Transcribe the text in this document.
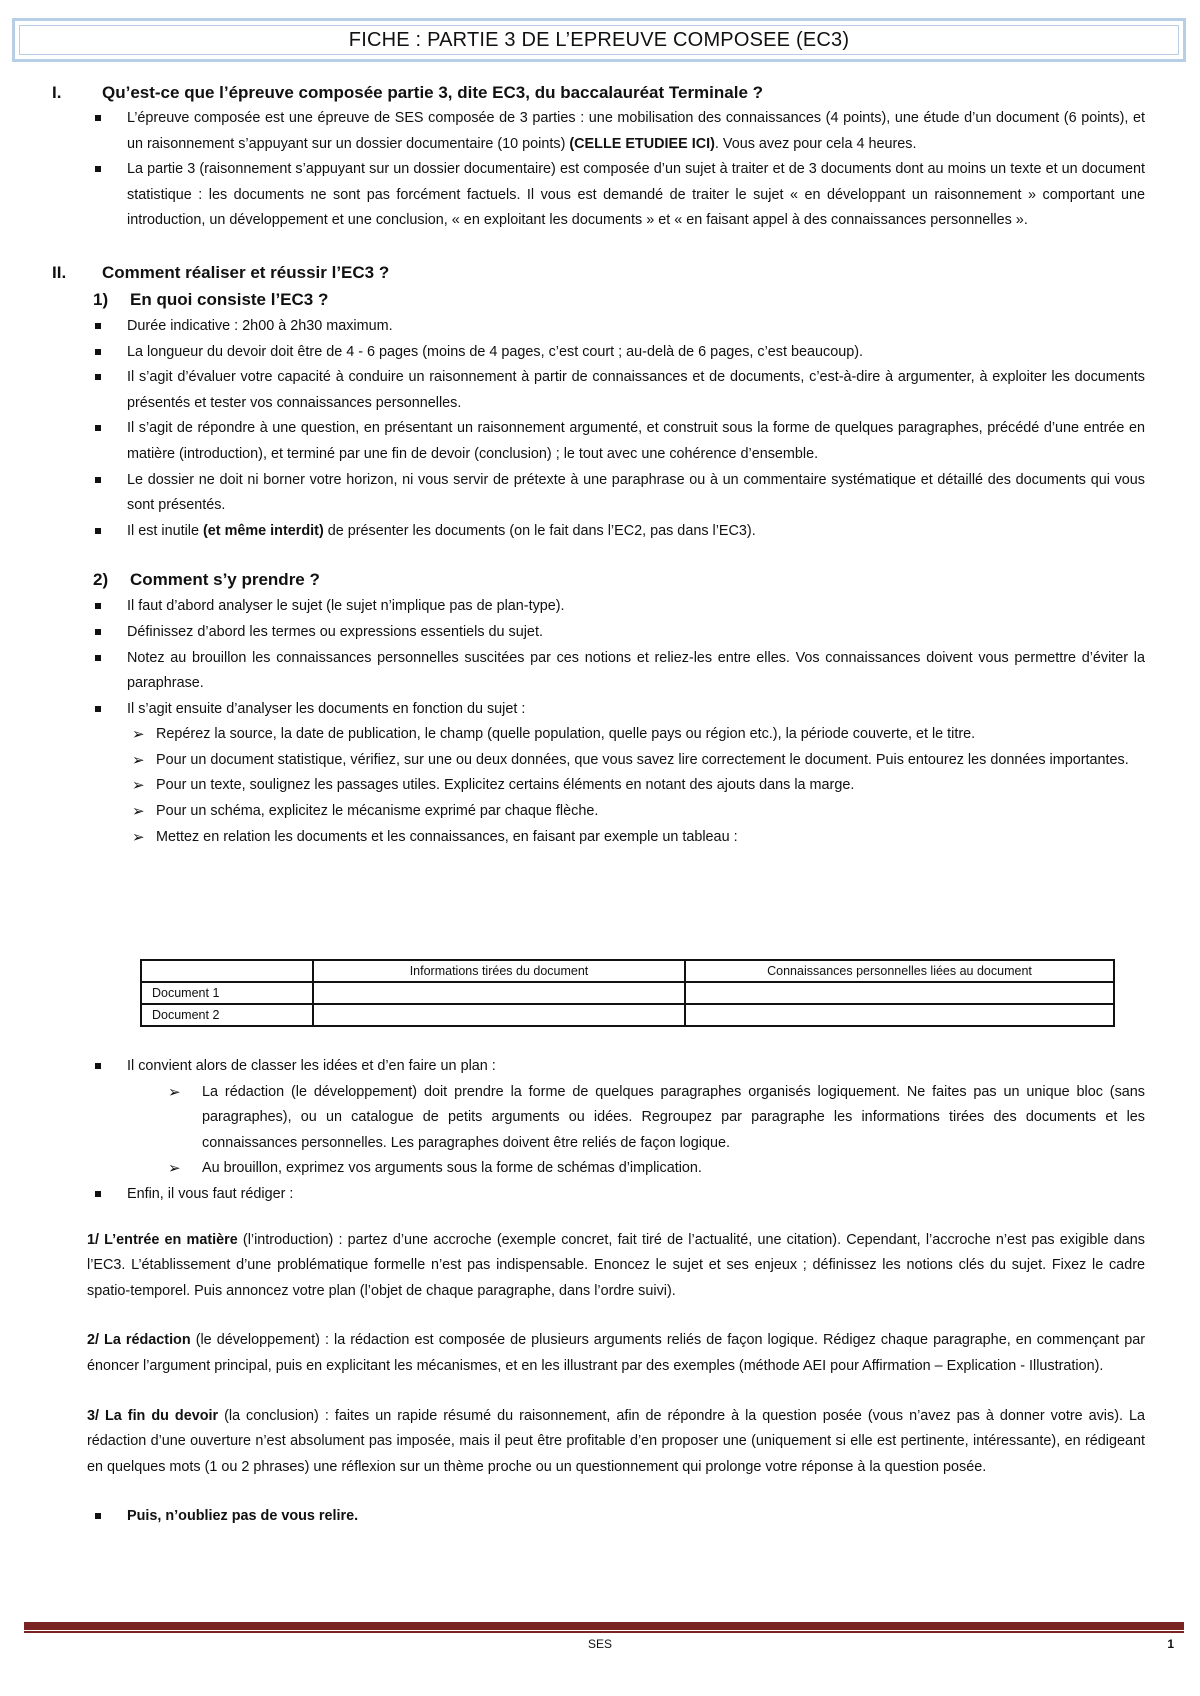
FICHE : PARTIE 3 DE L’EPREUVE COMPOSEE (EC3)
I. Qu’est-ce que l’épreuve composée partie 3, dite EC3, du baccalauréat Terminale ?
L’épreuve composée est une épreuve de SES composée de 3 parties : une mobilisation des connaissances (4 points), une étude d’un document (6 points), et un raisonnement s’appuyant sur un dossier documentaire (10 points) (CELLE ETUDIEE ICI). Vous avez pour cela 4 heures.
La partie 3 (raisonnement s’appuyant sur un dossier documentaire) est composée d’un sujet à traiter et de 3 documents dont au moins un texte et un document statistique : les documents ne sont pas forcément factuels. Il vous est demandé de traiter le sujet « en développant un raisonnement » comportant une introduction, un développement et une conclusion, « en exploitant les documents » et « en faisant appel à des connaissances personnelles ».
II. Comment réaliser et réussir l’EC3 ?
1) En quoi consiste l’EC3 ?
Durée indicative : 2h00 à 2h30 maximum.
La longueur du devoir doit être de 4 - 6 pages (moins de 4 pages, c’est court ; au-delà de 6 pages, c’est beaucoup).
Il s’agit d’évaluer votre capacité à conduire un raisonnement à partir de connaissances et de documents, c’est-à-dire à argumenter, à exploiter les documents présentés et tester vos connaissances personnelles.
Il s’agit de répondre à une question, en présentant un raisonnement argumenté, et construit sous la forme de quelques paragraphes, précédé d’une entrée en matière (introduction), et terminé par une fin de devoir (conclusion) ; le tout avec une cohérence d’ensemble.
Le dossier ne doit ni borner votre horizon, ni vous servir de prétexte à une paraphrase ou à un commentaire systématique et détaillé des documents qui vous sont présentés.
Il est inutile (et même interdit) de présenter les documents (on le fait dans l’EC2, pas dans l’EC3).
2) Comment s’y prendre ?
Il faut d’abord analyser le sujet (le sujet n’implique pas de plan-type).
Définissez d’abord les termes ou expressions essentiels du sujet.
Notez au brouillon les connaissances personnelles suscitées par ces notions et reliez-les entre elles. Vos connaissances doivent vous permettre d’éviter la paraphrase.
Il s’agit ensuite d’analyser les documents en fonction du sujet :
➢ Repérez la source, la date de publication, le champ (quelle population, quelle pays ou région etc.), la période couverte, et le titre.
➢ Pour un document statistique, vérifiez, sur une ou deux données, que vous savez lire correctement le document. Puis entourez les données importantes.
➢ Pour un texte, soulignez les passages utiles. Explicitez certains éléments en notant des ajouts dans la marge.
➢ Pour un schéma, explicitez le mécanisme exprimé par chaque flèche.
➢ Mettez en relation les documents et les connaissances, en faisant par exemple un tableau :
	Informations tirées du document	Connaissances personnelles liées au document
Document 1		
Document 2		
Il convient alors de classer les idées et d’en faire un plan :
➢ La rédaction (le développement) doit prendre la forme de quelques paragraphes organisés logiquement. Ne faites pas un unique bloc (sans paragraphes), ou un catalogue de petits arguments ou idées. Regroupez par paragraphe les informations tirées des documents et les connaissances personnelles. Les paragraphes doivent être reliés de façon logique.
➢ Au brouillon, exprimez vos arguments sous la forme de schémas d’implication.
Enfin, il vous faut rédiger :
1/ L’entrée en matière (l’introduction) : partez d’une accroche (exemple concret, fait tiré de l’actualité, une citation). Cependant, l’accroche n’est pas exigible dans l’EC3. L’établissement d’une problématique formelle n’est pas indispensable. Enoncez le sujet et ses enjeux ; définissez les notions clés du sujet. Fixez le cadre spatio-temporel. Puis annoncez votre plan (l’objet de chaque paragraphe, dans l’ordre suivi).
2/ La rédaction (le développement) : la rédaction est composée de plusieurs arguments reliés de façon logique. Rédigez chaque paragraphe, en commençant par énoncer l’argument principal, puis en explicitant les mécanismes, et en les illustrant par des exemples (méthode AEI pour Affirmation – Explication - Illustration).
3/ La fin du devoir (la conclusion) : faites un rapide résumé du raisonnement, afin de répondre à la question posée (vous n’avez pas à donner votre avis). La rédaction d’une ouverture n’est absolument pas imposée, mais il peut être profitable d’en proposer une (uniquement si elle est pertinente, intéressante), en rédigeant en quelques mots (1 ou 2 phrases) une réflexion sur un thème proche ou un questionnement qui prolonge votre réponse à la question posée.
Puis, n’oubliez pas de vous relire.
SES	1
